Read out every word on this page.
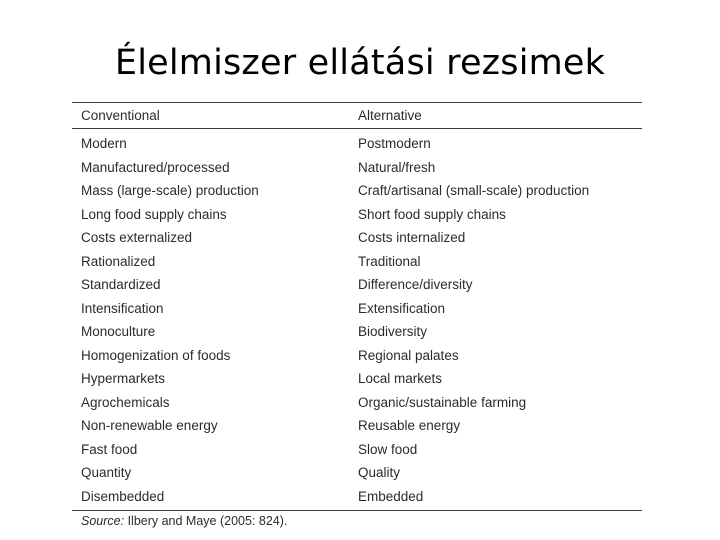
Élelmiszer ellátási rezsimek
Conventional	Alternative
Modern	Postmodern
Manufactured/processed	Natural/fresh
Mass (large-scale) production	Craft/artisanal (small-scale) production
Long food supply chains	Short food supply chains
Costs externalized	Costs internalized
Rationalized	Traditional
Standardized	Difference/diversity
Intensification	Extensification
Monoculture	Biodiversity
Homogenization of foods	Regional palates
Hypermarkets	Local markets
Agrochemicals	Organic/sustainable farming
Non-renewable energy	Reusable energy
Fast food	Slow food
Quantity	Quality
Disembedded	Embedded
Source: Ilbery and Maye (2005: 824).
